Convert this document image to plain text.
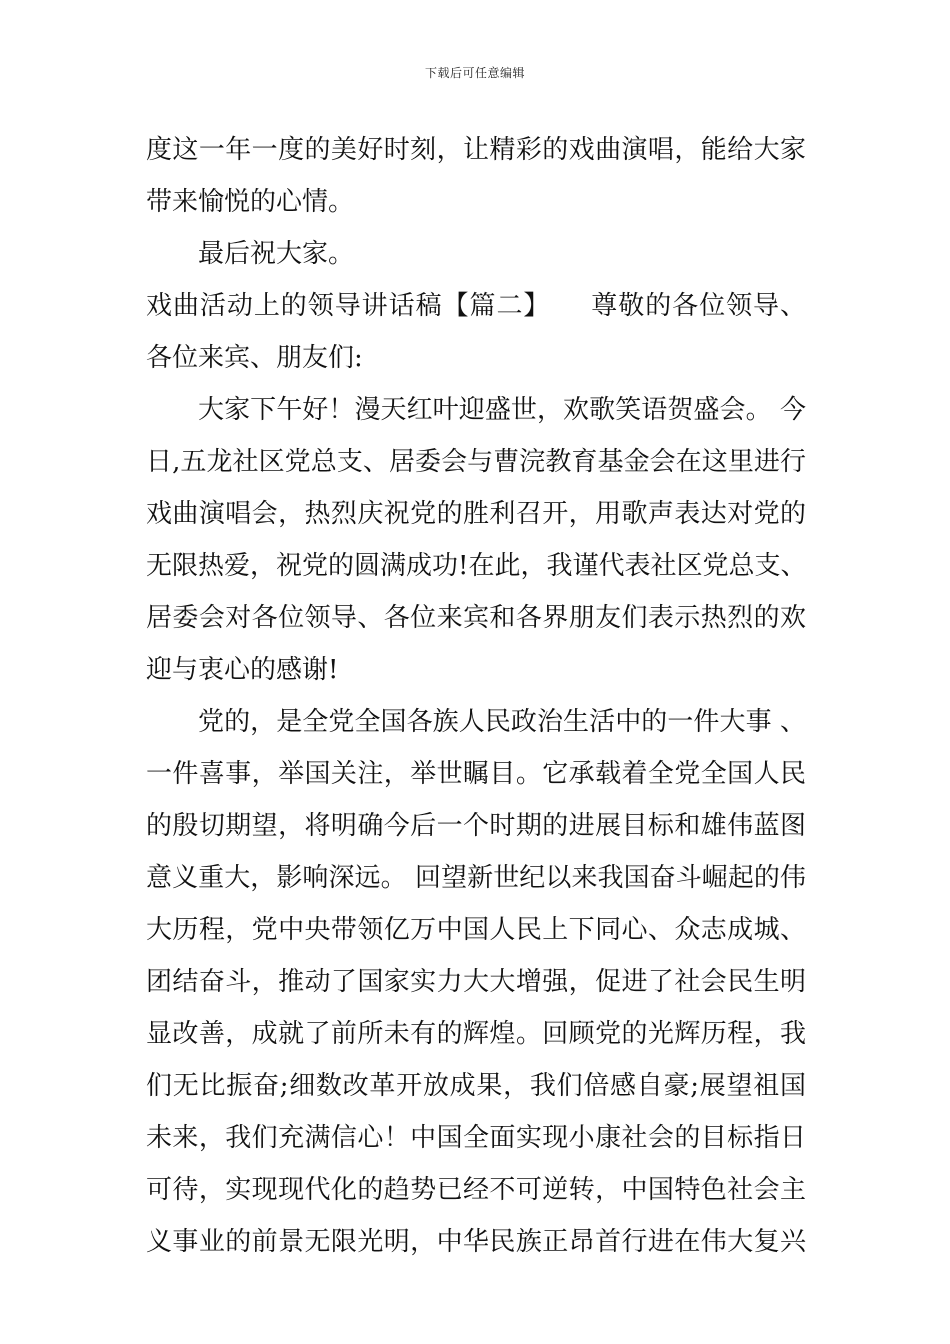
下载后可任意编辑
度这一年一度的美好时刻，让精彩的戏曲演唱，能给大家
带来愉悦的心情。
最后祝大家。
戏曲活动上的领导讲话稿【篇二】　　尊敬的各位领导、
各位来宾、朋友们:
大家下午好！漫天红叶迎盛世，欢歌笑语贺盛会。 今
日,五龙社区党总支、居委会与曹浣教育基金会在这里进行
戏曲演唱会，热烈庆祝党的胜利召开，用歌声表达对党的
无限热爱，祝党的圆满成功!在此，我谨代表社区党总支、
居委会对各位领导、各位来宾和各界朋友们表示热烈的欢
迎与衷心的感谢!
党的，是全党全国各族人民政治生活中的一件大事 、
一件喜事，举国关注，举世瞩目。它承载着全党全国人民
的殷切期望，将明确今后一个时期的进展目标和雄伟蓝图
意义重大，影响深远。 回望新世纪以来我国奋斗崛起的伟
大历程，党中央带领亿万中国人民上下同心、众志成城、
团结奋斗，推动了国家实力大大增强，促进了社会民生明
显改善，成就了前所未有的辉煌。回顾党的光辉历程，我
们无比振奋;细数改革开放成果，我们倍感自豪;展望祖国
未来，我们充满信心！中国全面实现小康社会的目标指日
可待，实现现代化的趋势已经不可逆转，中国特色社会主
义事业的前景无限光明，中华民族正昂首行进在伟大复兴
